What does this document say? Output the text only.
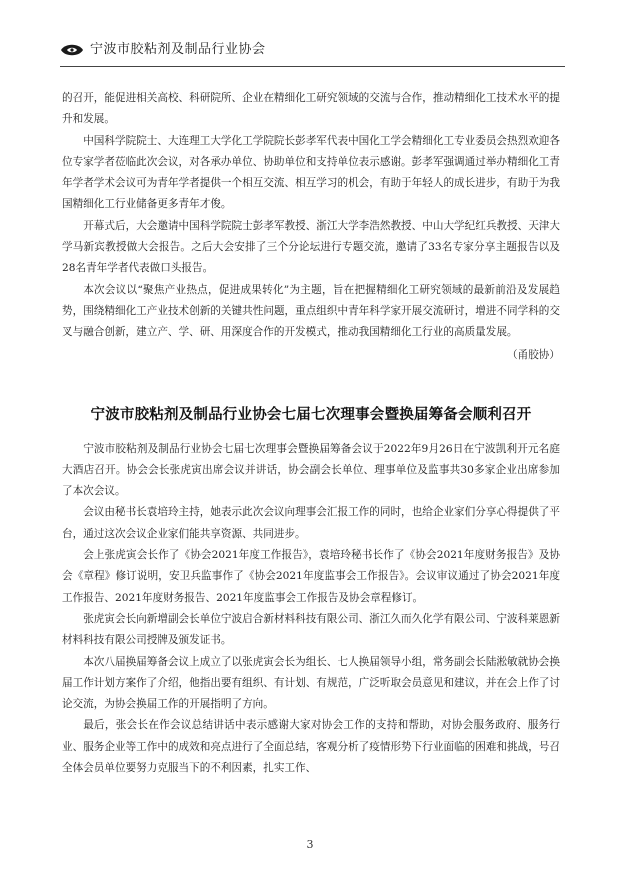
宁波市胶粘剂及制品行业协会

的召开，能促进相关高校、科研院所、企业在精细化工研究领域的交流与合作，推动精细化工技术水平的提升和发展。

中国科学院院士、大连理工大学化工学院院长彭孝军代表中国化工学会精细化工专业委员会热烈欢迎各位专家学者莅临此次会议，对各承办单位、协助单位和支持单位表示感谢。彭孝军强调通过举办精细化工青年学者学术会议可为青年学者提供一个相互交流、相互学习的机会，有助于年轻人的成长进步，有助于为我国精细化工行业储备更多青年才俊。

开幕式后，大会邀请中国科学院院士彭孝军教授、浙江大学李浩然教授、中山大学纪红兵教授、天津大学马新宾教授做大会报告。之后大会安排了三个分论坛进行专题交流，邀请了33名专家分享主题报告以及28名青年学者代表做口头报告。

本次会议以“聚焦产业热点，促进成果转化”为主题，旨在把握精细化工研究领域的最新前沿及发展趋势，围绕精细化工产业技术创新的关键共性问题，重点组织中青年科学家开展交流研讨，增进不同学科的交叉与融合创新，建立产、学、研、用深度合作的开发模式，推动我国精细化工行业的高质量发展。

（甬胶协）
宁波市胶粘剂及制品行业协会七届七次理事会暨换届筹备会顺利召开

宁波市胶粘剂及制品行业协会七届七次理事会暨换届筹备会议于2022年9月26日在宁波凯利开元名庭大酒店召开。协会会长张虎寅出席会议并讲话，协会副会长单位、理事单位及监事共30多家企业出席参加了本次会议。

会议由秘书长袁培玲主持，她表示此次会议向理事会汇报工作的同时，也给企业家们分享心得提供了平台，通过这次会议企业家们能共享资源、共同进步。

会上张虎寅会长作了《协会2021年度工作报告》，袁培玲秘书长作了《协会2021年度财务报告》及协会《章程》修订说明，安卫兵监事作了《协会2021年度监事会工作报告》。会议审议通过了协会2021年度工作报告、2021年度财务报告、2021年度监事会工作报告及协会章程修订。

张虎寅会长向新增副会长单位宁波启合新材料科技有限公司、浙江久而久化学有限公司、宁波科莱恩新材料科技有限公司授牌及颁发证书。

本次八届换届筹备会议上成立了以张虎寅会长为组长、七人换届领导小组，常务副会长陆淞敏就协会换届工作计划方案作了介绍，他指出要有组织、有计划、有规范，广泛听取会员意见和建议，并在会上作了讨论交流，为协会换届工作的开展指明了方向。

最后，张会长在作会议总结讲话中表示感谢大家对协会工作的支持和帮助，对协会服务政府、服务行业、服务企业等工作中的成效和亮点进行了全面总结，客观分析了疫情形势下行业面临的困难和挑战，号召全体会员单位要努力克服当下的不利因素，扎实工作、

3
